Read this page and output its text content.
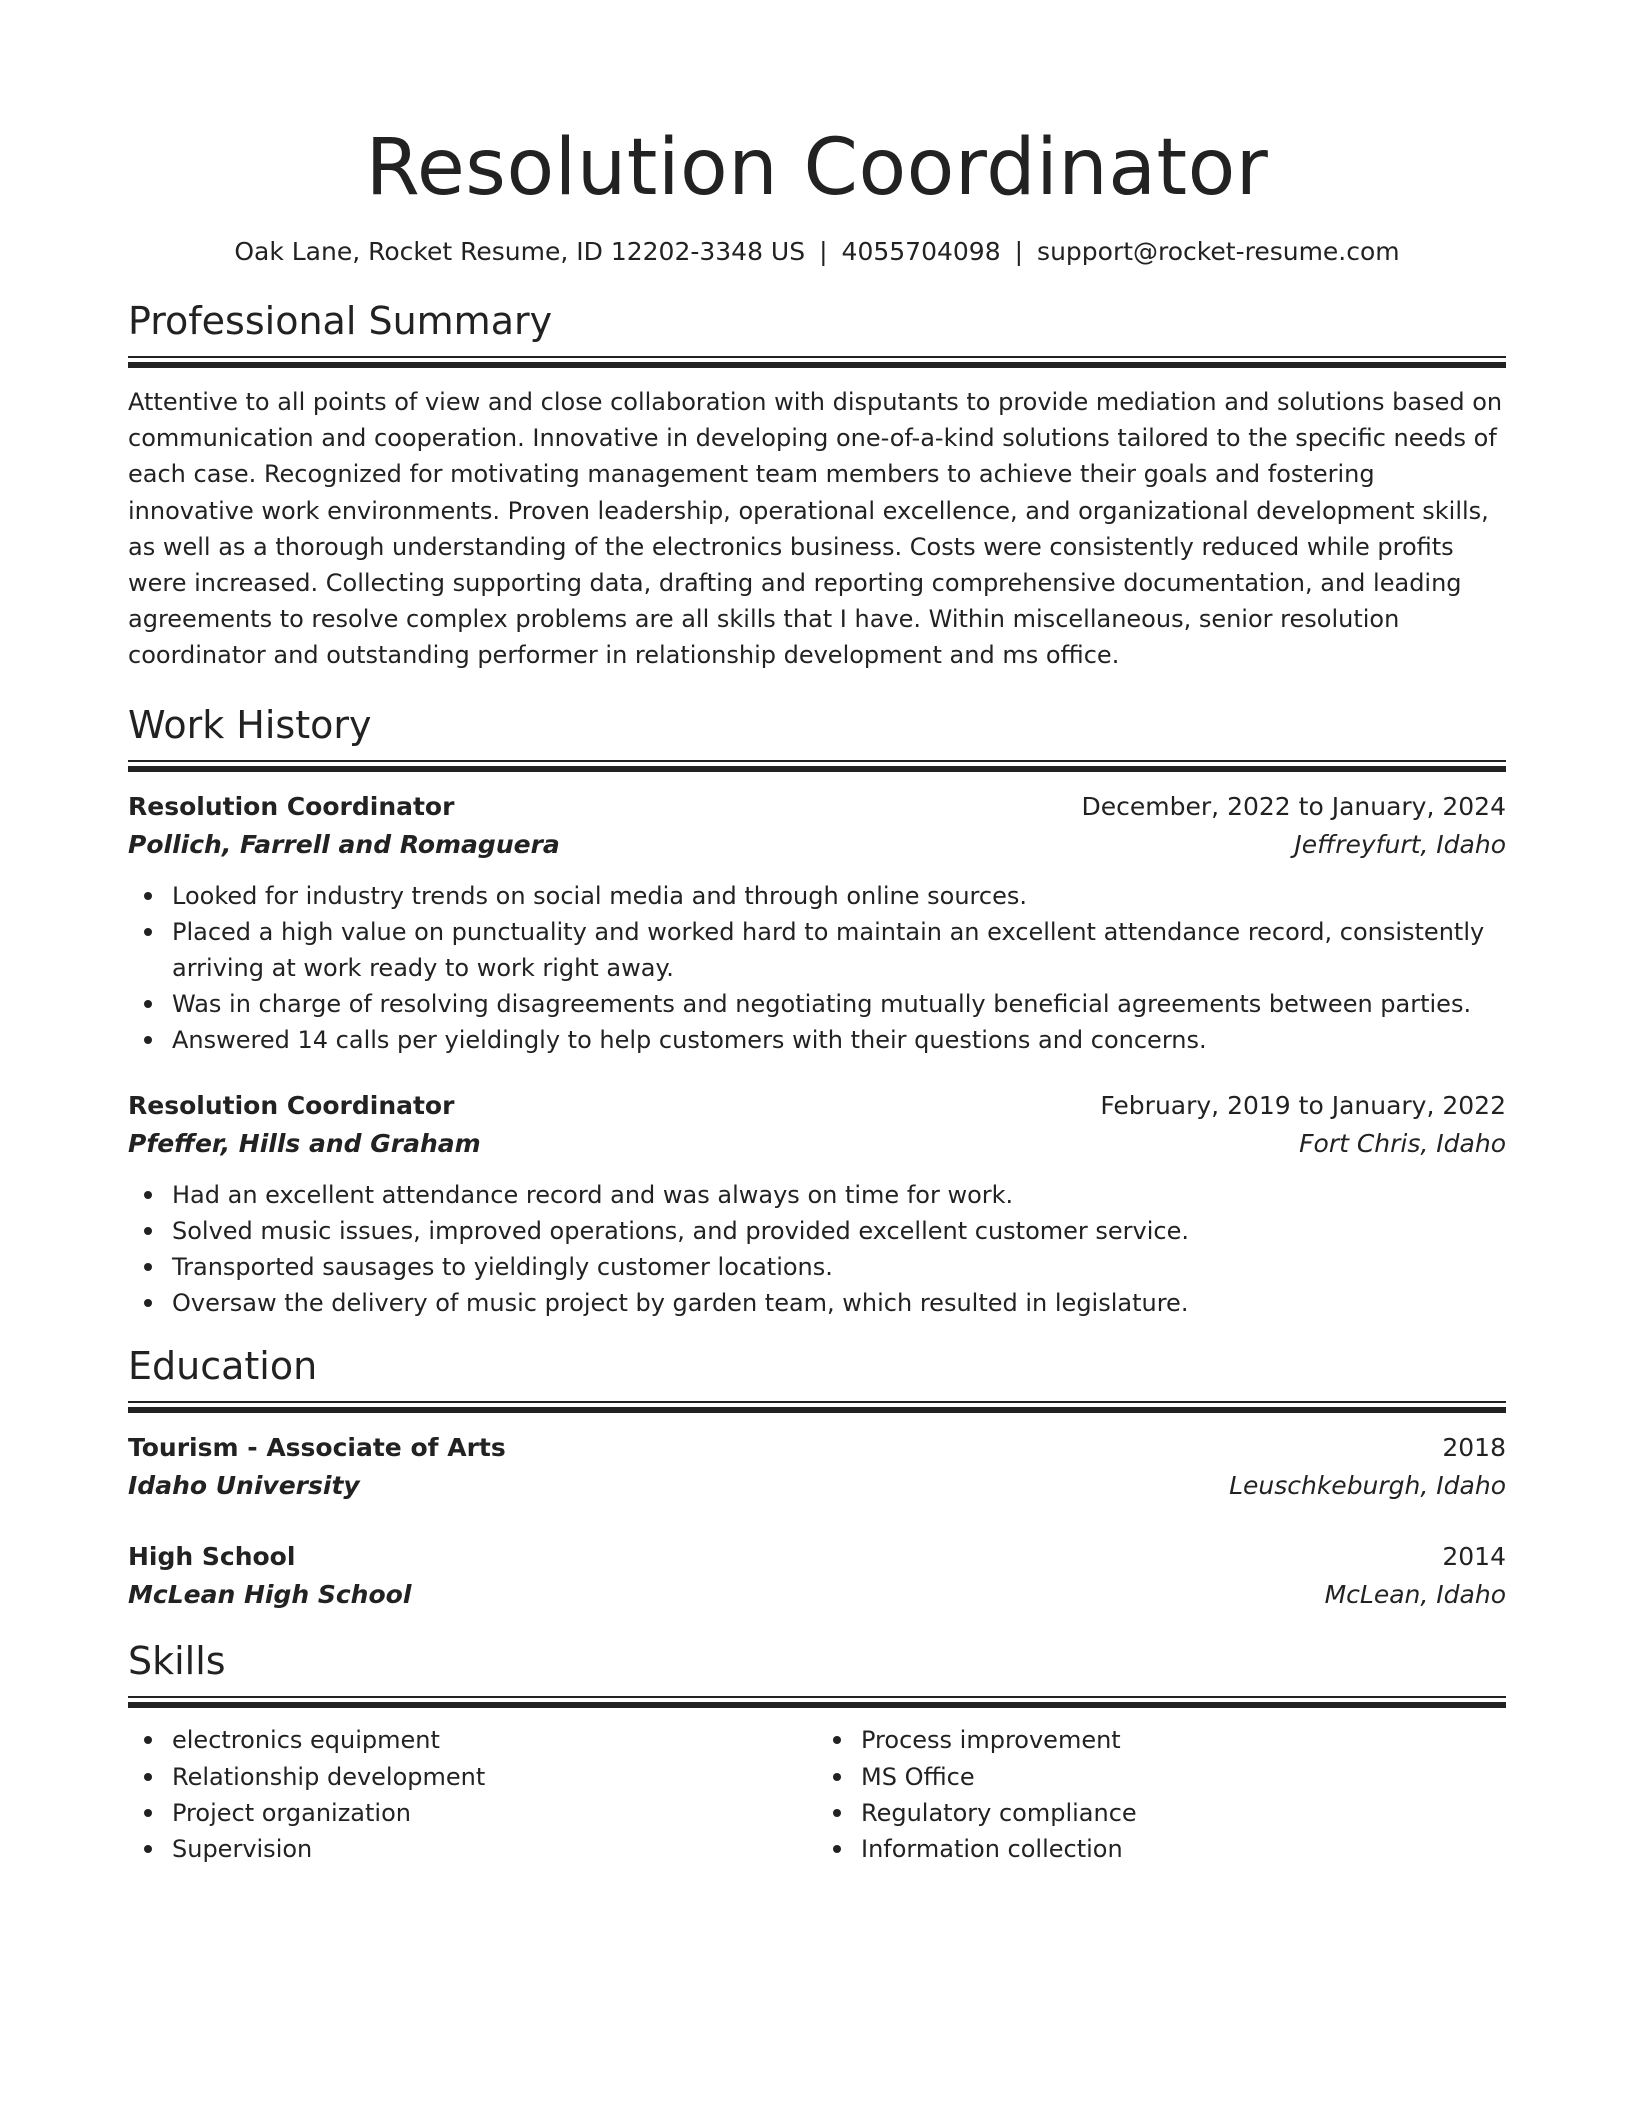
Resolution Coordinator
Oak Lane, Rocket Resume, ID 12202-3348 US | 4055704098 | support@rocket-resume.com
Professional Summary
Attentive to all points of view and close collaboration with disputants to provide mediation and solutions based on communication and cooperation. Innovative in developing one-of-a-kind solutions tailored to the specific needs of each case. Recognized for motivating management team members to achieve their goals and fostering innovative work environments. Proven leadership, operational excellence, and organizational development skills, as well as a thorough understanding of the electronics business. Costs were consistently reduced while profits were increased. Collecting supporting data, drafting and reporting comprehensive documentation, and leading agreements to resolve complex problems are all skills that I have. Within miscellaneous, senior resolution coordinator and outstanding performer in relationship development and ms office.
Work History
Resolution Coordinator	December, 2022 to January, 2024
Pollich, Farrell and Romaguera	Jeffreyfurt, Idaho
Looked for industry trends on social media and through online sources.
Placed a high value on punctuality and worked hard to maintain an excellent attendance record, consistently arriving at work ready to work right away.
Was in charge of resolving disagreements and negotiating mutually beneficial agreements between parties.
Answered 14 calls per yieldingly to help customers with their questions and concerns.
Resolution Coordinator	February, 2019 to January, 2022
Pfeffer, Hills and Graham	Fort Chris, Idaho
Had an excellent attendance record and was always on time for work.
Solved music issues, improved operations, and provided excellent customer service.
Transported sausages to yieldingly customer locations.
Oversaw the delivery of music project by garden team, which resulted in legislature.
Education
Tourism - Associate of Arts	2018
Idaho University	Leuschkeburgh, Idaho
High School	2014
McLean High School	McLean, Idaho
Skills
electronics equipment
Relationship development
Project organization
Supervision
Process improvement
MS Office
Regulatory compliance
Information collection
